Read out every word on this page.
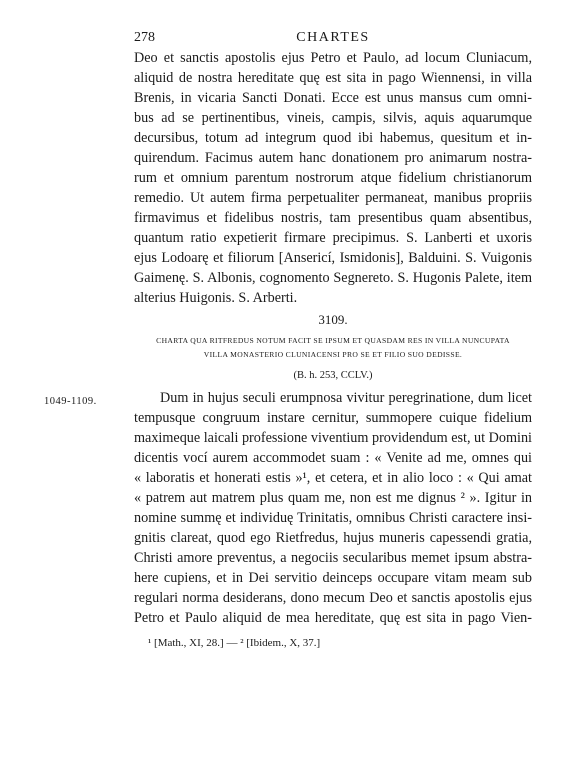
278	CHARTES
Deo et sanctis apostolis ejus Petro et Paulo, ad locum Cluniacum,
aliquid de nostra hereditate quę est sita in pago Wiennensi, in villa
Brenis, in vicaria Sancti Donati. Ecce est unus mansus cum omni-
bus ad se pertinentibus, vineis, campis, silvis, aquis aquarumque
decursibus, totum ad integrum quod ibi habemus, quesitum et in-
quirendum. Facimus autem hanc donationem pro animarum nostra-
rum et omnium parentum nostrorum atque fidelium christianorum
remedio. Ut autem firma perpetualiter permaneat, manibus propriis
firmavimus et fidelibus nostris, tam presentibus quam absentibus,
quantum ratio expetierit firmare precipimus. S. Lanberti et uxoris
ejus Lodoarę et filiorum [Ansericí, Ismidonis], Balduini. S. Vuigonis
Gaimenę. S. Albonis, cognomento Segnereto. S. Hugonis Palete, item
alterius Huigonis. S. Arberti.
3109.
CHARTA QUA RITFREDUS NOTUM FACIT SE IPSUM ET QUASDAM RES IN VILLA NUNCUPATA
VILLA MONASTERIO CLUNIACENSI PRO SE ET FILIO SUO DEDISSE.
(B. h. 253, CCLV.)
1049-1109.	Dum in hujus seculi erumpnosa vivitur peregrinatione, dum licet
tempusque congruum instare cernitur, summopere cuique fidelium
maximeque laicali professione viventium providendum est, ut Domini
dicentis vocí aurem accommodet suam : « Venite ad me, omnes qui
« laboratis et honerati estis »¹, et cetera, et in alio loco : « Qui amat
« patrem aut matrem plus quam me, non est me dignus ² ». Igitur in
nomine summę et individuę Trinitatis, omnibus Christi caractere insi-
gnitis clareat, quod ego Rietfredus, hujus muneris capessendi gratia,
Christi amore preventus, a negociis secularibus memet ipsum abstra-
here cupiens, et in Dei servitio deinceps occupare vitam meam sub
regulari norma desiderans, dono mecum Deo et sanctis apostolis ejus
Petro et Paulo aliquid de mea hereditate, quę est sita in pago Vien-
¹ [Math., XI, 28.] — ² [Ibidem., X, 37.]
